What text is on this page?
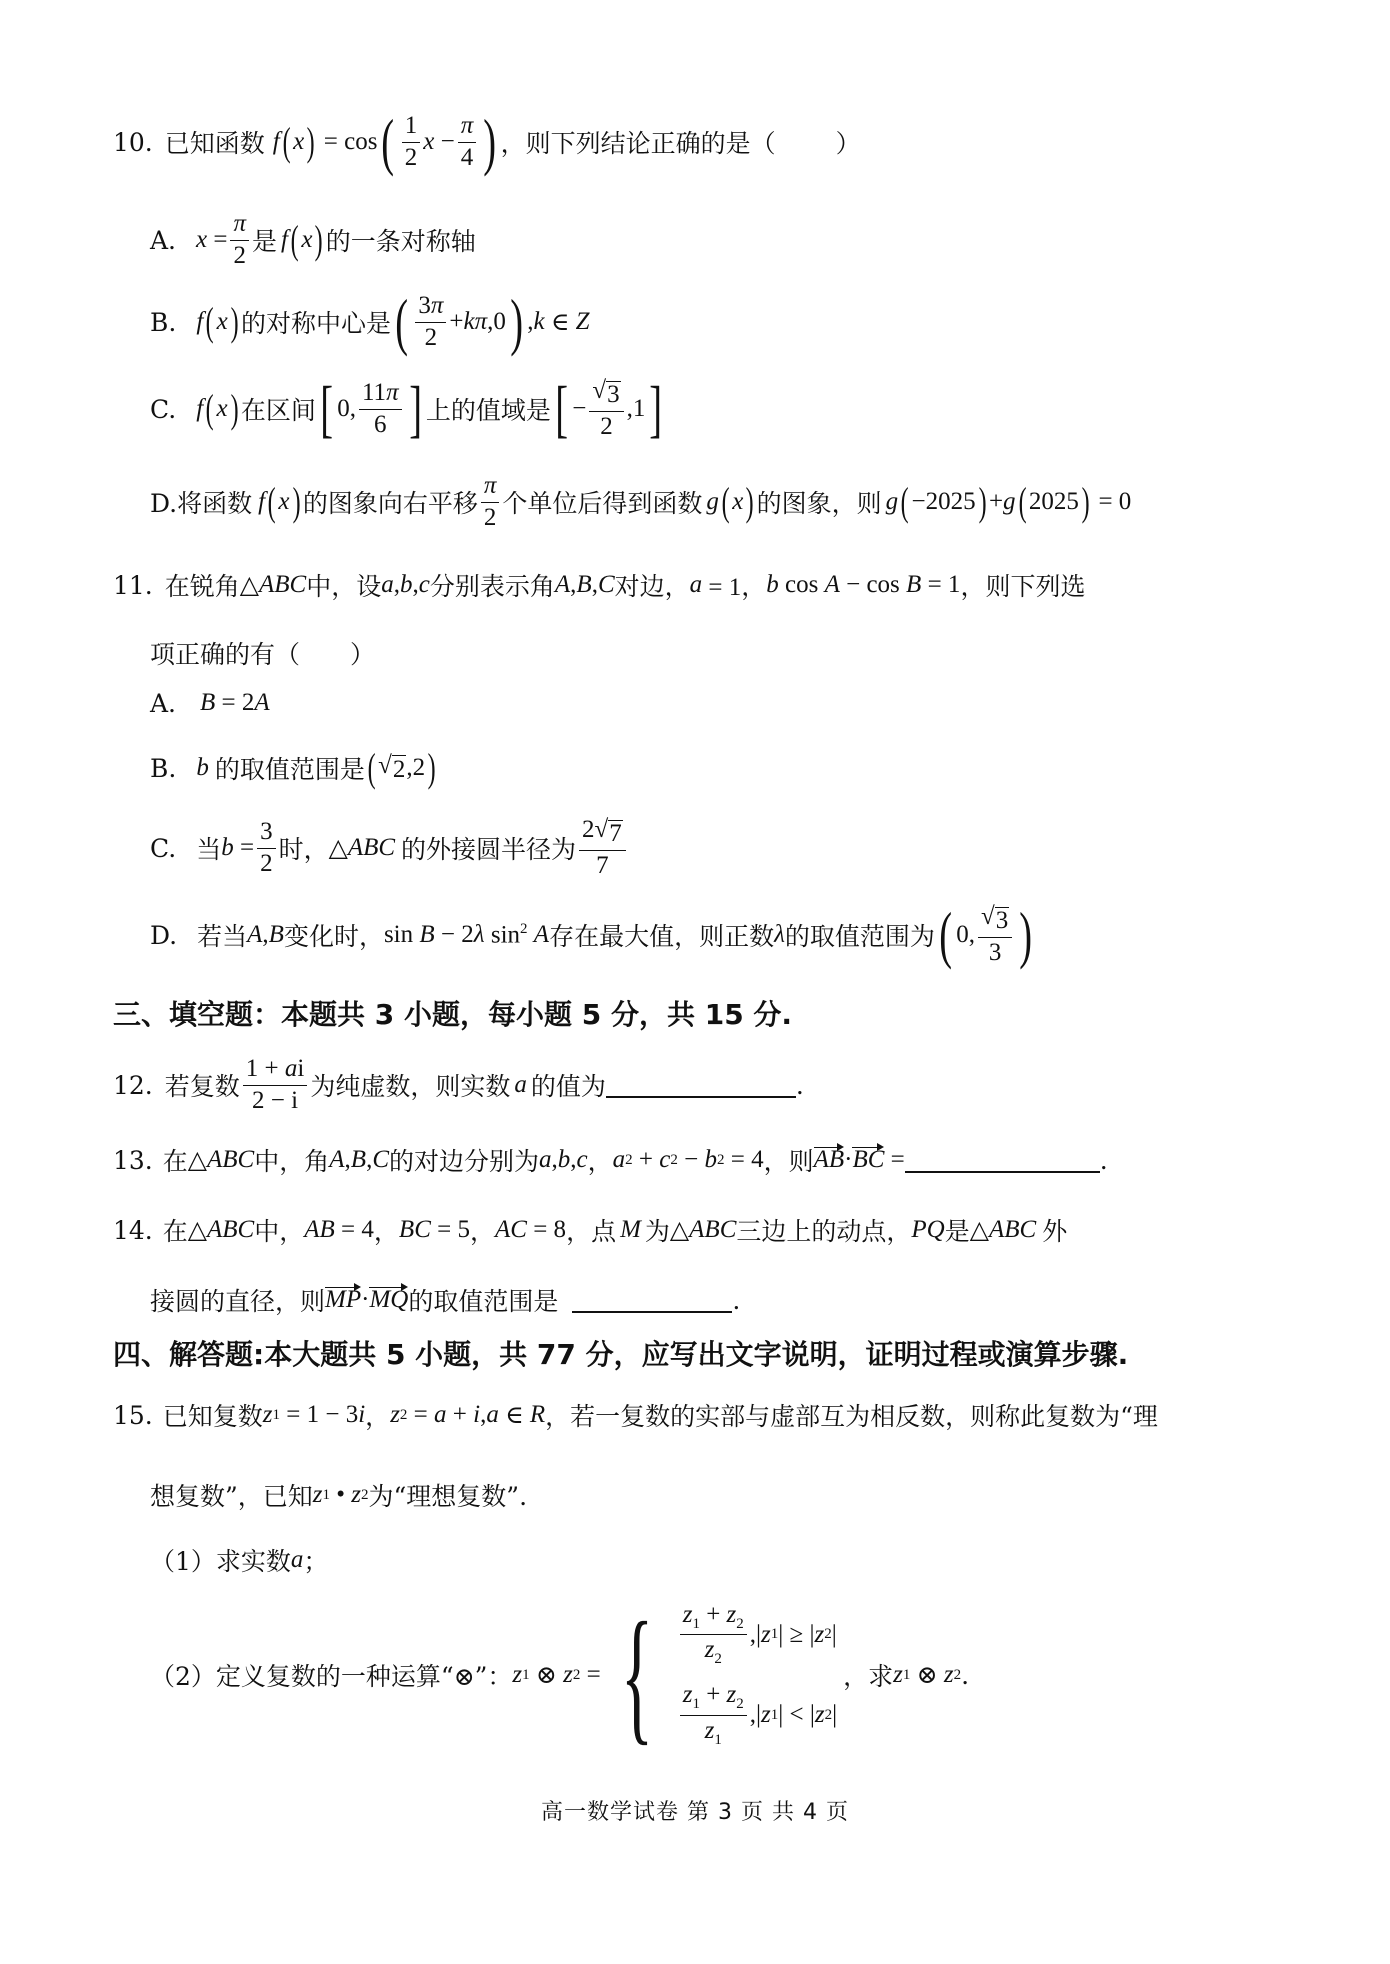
10. 已知函数 f ( x ) = cos ( $\frac{1}{2}$ $x - \frac{\pi}{4}$ ) ，则下列结论正确的是（ ）
A. $x = \frac{\pi}{2}$ 是 f ( x ) 的一条对称轴
B. f ( x ) 的对称中心是 ( $\frac{3\pi}{2} + k\pi$ ,0 ) , k ∈ Z
C. f ( x ) 在区间 [ 0, $\frac{11\pi}{6}$ ] 上的值域是 [ − $\frac{√ 3}{2} ,1$ ]
D.将函数 f ( x ) 的图象向右平移 $\frac{\pi}{2}$ 个单位后得到函数 g ( x ) 的图象，则 g ( −2025 ) + g ( 2025 ) = 0
11. 在锐角 △ ABC 中，设 a , b , c 分别表示角 A , B , C 对边， a = 1， b cos A − cos B = 1 ，则下列选
项正确的有（　　）
A. B = 2 A
B. b 的取值范围是 ( √ 2 ,2 )
C. 当 $b = \frac{3}{2}$ 时， △ ABC 的外接圆半径为 $\frac{2 √ 7}{7}$
D. 若当 A , B 变化时， sin B − 2 λ $\sin^2 A$ 存在最大值，则正数 λ 的取值范围为 ( 0, $\frac{√ 3}{3}$ )
三、填空题：本题共 3 小题，每小题 5 分，共 15 分.
12. 若复数 $\frac{1 + ai}{2 - i}$ 为纯虚数，则实数 a 的值为	.
13. 在 △ ABC 中，角 A , B , C 的对边分别为 a , b , c ， a 2 + c 2 − b 2 = 4 ，则 AB · BC =	.
14. 在 △ ABC 中， AB = 4 ， BC = 5 ， AC = 8 ，点 M 为 △ ABC 三边上的动点， PQ 是 △ ABC 外
接圆的直径，则 MP · MQ 的取值范围是	.
四、解答题:本大题共 5 小题，共 77 分，应写出文字说明，证明过程或演算步骤.
15. 已知复数 z 1 = 1 − 3 i ， z 2 = a + i , a ∈ R ，若一复数的实部与虚部互为相反数，则称此复数为“理
想复数”，已知 z 1 • z 2 为“理想复数”.
（1）求实数 a ；
（2）定义复数的一种运算“⊗”： z 1 ⊗ z 2 = { $\frac{z_1 + z_2}{z_2}$ ,| z 1 | ≥ | z 2 |
$\frac{z_1 + z_2}{z_1}$ ,| z 1 | < | z 2 |
，求 z 1 ⊗ z 2 .
高一数学试卷 第 3 页 共 4 页
